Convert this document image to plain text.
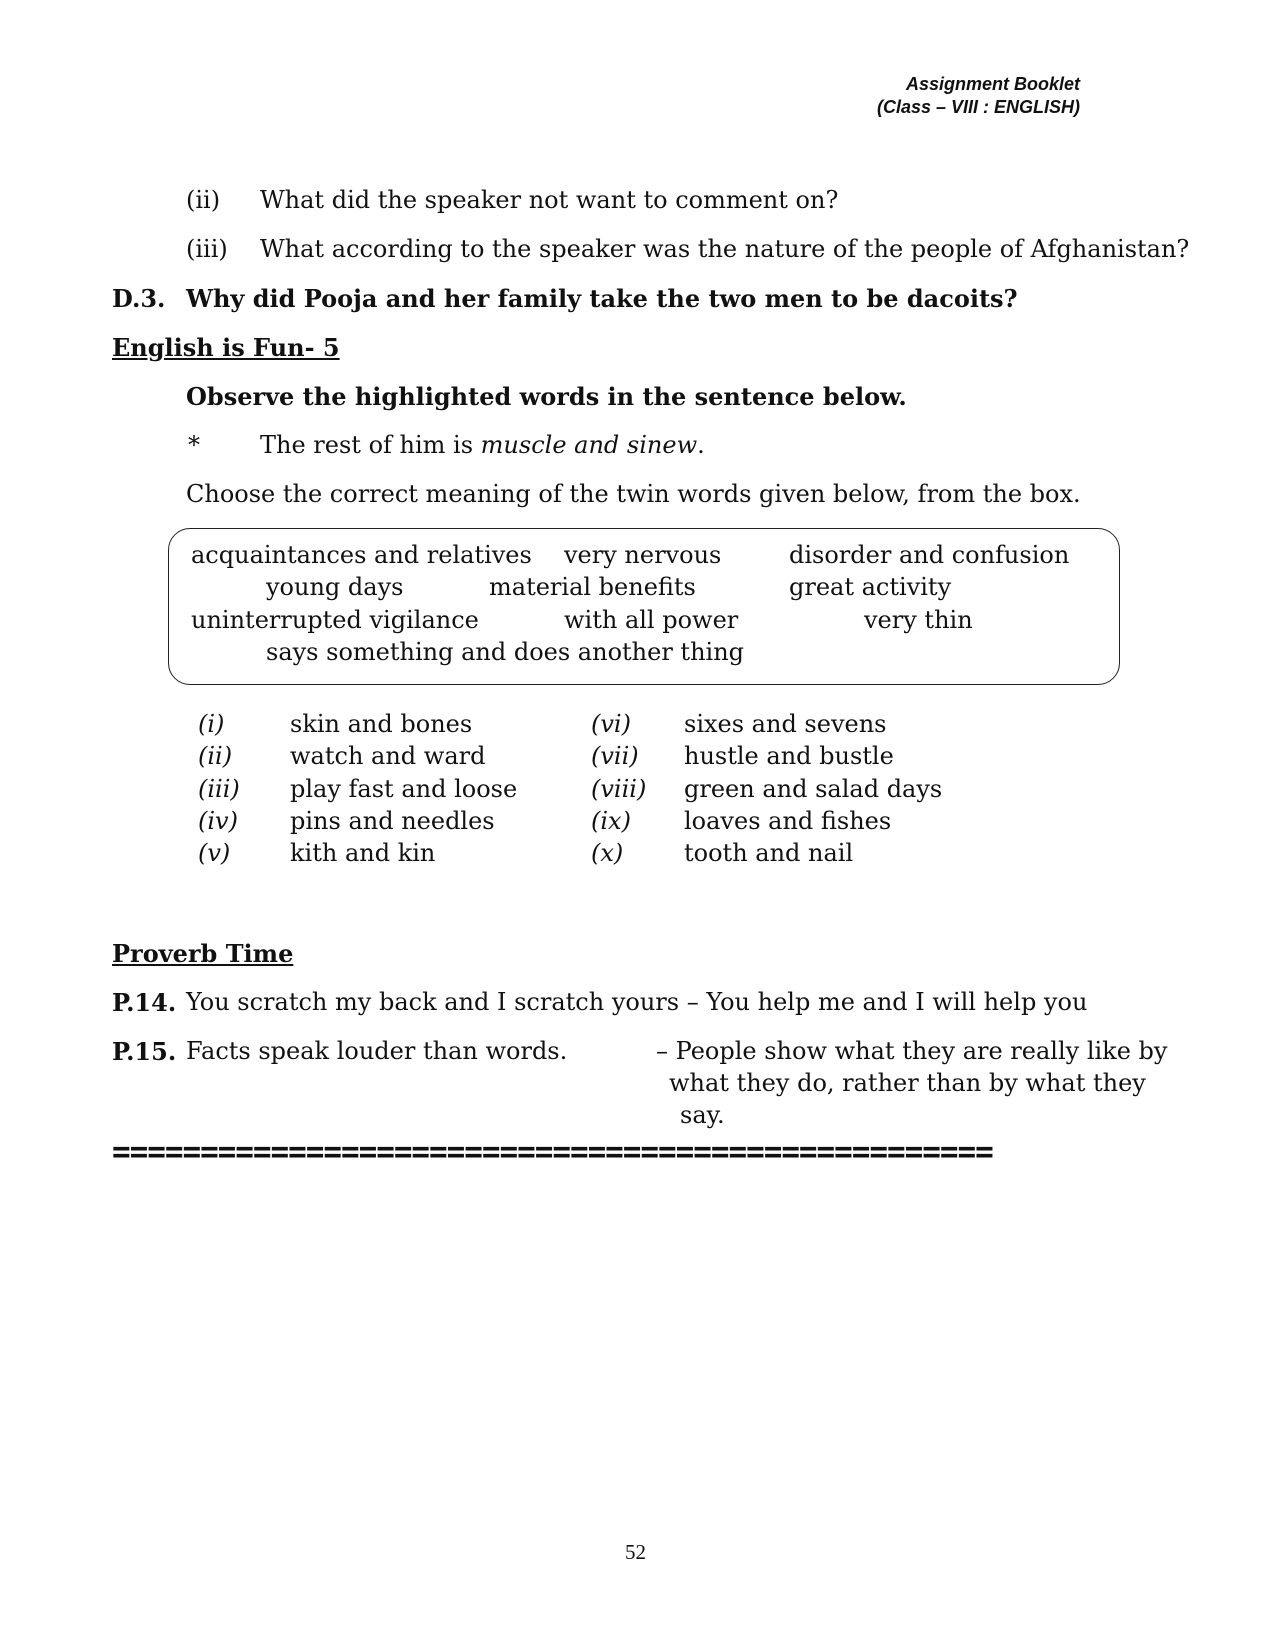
Assignment Booklet
(Class – VIII : ENGLISH)
(ii) What did the speaker not want to comment on?
(iii) What according to the speaker was the nature of the people of Afghanistan?
D.3. Why did Pooja and her family take the two men to be dacoits?
English is Fun- 5
Observe the highlighted words in the sentence below.
*	The rest of him is muscle and sinew.
Choose the correct meaning of the twin words given below, from the box.
acquaintances and relatives very nervous	disorder and confusion
young days	material benefits	great activity
uninterrupted vigilance	with all power	very thin
says something and does another thing
(i)	skin and bones
(ii) watch and ward
(iii) play fast and loose
(iv) pins and needles
(v) kith and kin
(vi) sixes and sevens
(vii) hustle and bustle
(viii) green and salad days
(ix) loaves and fishes
(x)	tooth and nail
Proverb Time
P.14. You scratch my back and I scratch yours – You help me and I will help you
P.15. Facts speak louder than words.	– People show what they are really like by
what they do, rather than by what they
say.
==================================================
52
